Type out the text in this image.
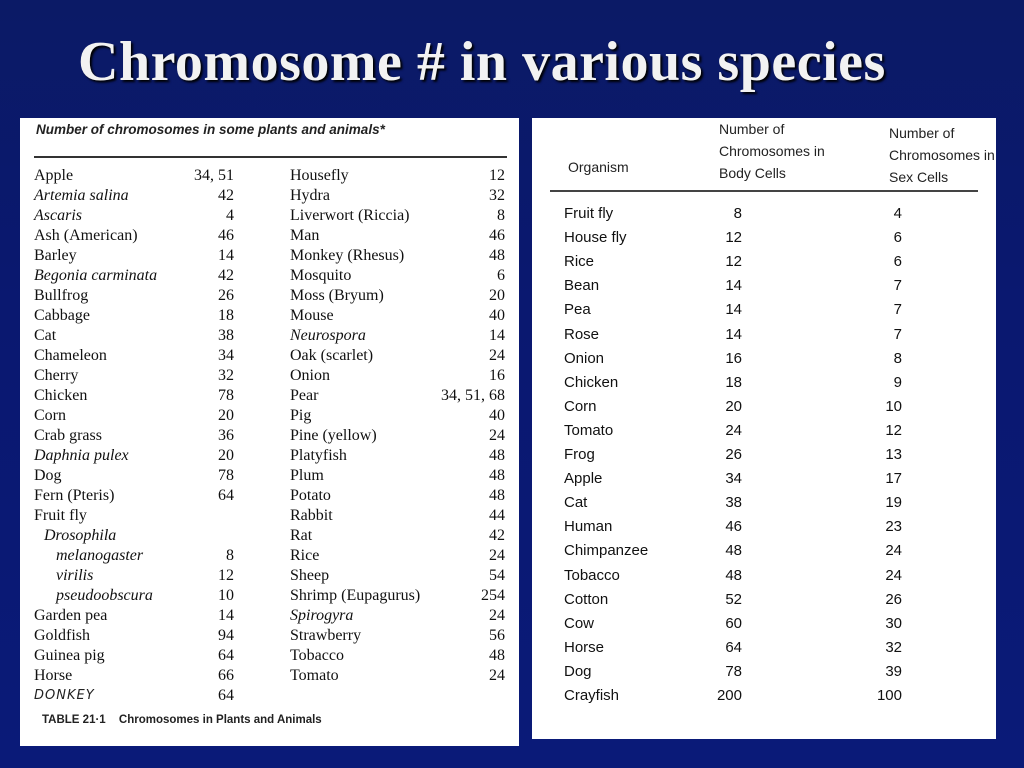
Chromosome # in various species
Number of chromosomes in some plants and animals*
Apple	34, 51
Artemia salina	42
Ascaris	4
Ash (American)	46
Barley	14
Begonia carminata	42
Bullfrog	26
Cabbage	18
Cat	38
Chameleon	34
Cherry	32
Chicken	78
Corn	20
Crab grass	36
Daphnia pulex	20
Dog	78
Fern (Pteris)	64
Fruit fly
Drosophila
melanogaster	8
virilis	12
pseudoobscura	10
Garden pea	14
Goldfish	94
Guinea pig	64
Horse	66
DONKEY	64
Housefly	12
Hydra	32
Liverwort (Riccia)	8
Man	46
Monkey (Rhesus)	48
Mosquito	6
Moss (Bryum)	20
Mouse	40
Neurospora	14
Oak (scarlet)	24
Onion	16
Pear	34, 51, 68
Pig	40
Pine (yellow)	24
Platyfish	48
Plum	48
Potato	48
Rabbit	44
Rat	42
Rice	24
Sheep	54
Shrimp (Eupagurus)	254
Spirogyra	24
Strawberry	56
Tobacco	48
Tomato	24
TABLE 21·1 Chromosomes in Plants and Animals
Organism
Number of Chromosomes in Body Cells
Number of Chromosomes in Sex Cells
Fruit fly	8	4
House fly	12	6
Rice	12	6
Bean	14	7
Pea	14	7
Rose	14	7
Onion	16	8
Chicken	18	9
Corn	20	10
Tomato	24	12
Frog	26	13
Apple	34	17
Cat	38	19
Human	46	23
Chimpanzee	48	24
Tobacco	48	24
Cotton	52	26
Cow	60	30
Horse	64	32
Dog	78	39
Crayfish	200	100
